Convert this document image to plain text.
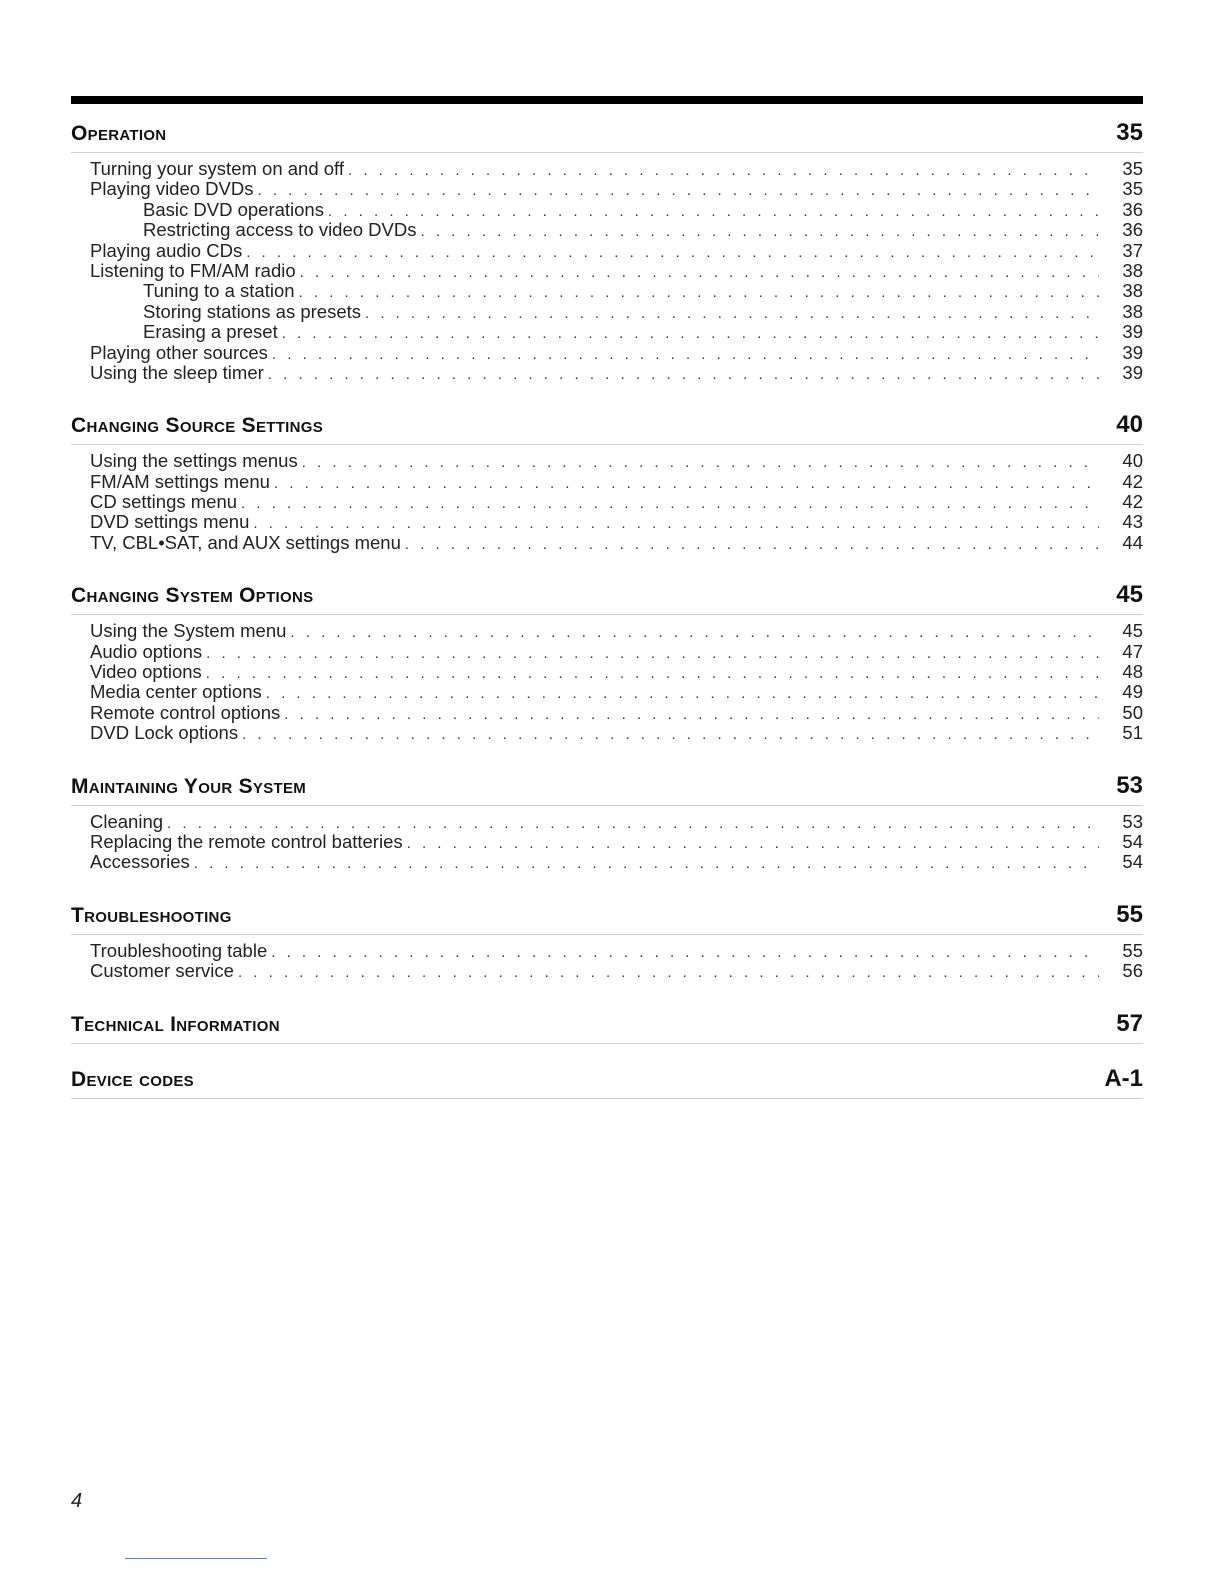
Operation	35
Turning your system on and off . . .	35
Playing video DVDs . . .	35
Basic DVD operations . . .	36
Restricting access to video DVDs . . .	36
Playing audio CDs . . .	37
Listening to FM/AM radio . . .	38
Tuning to a station . . .	38
Storing stations as presets . . .	38
Erasing a preset . . .	39
Playing other sources . . .	39
Using the sleep timer . . .	39
Changing Source Settings	40
Using the settings menus . . .	40
FM/AM settings menu . . .	42
CD settings menu . . .	42
DVD settings menu . . .	43
TV, CBL•SAT, and AUX settings menu . . .	44
Changing System Options	45
Using the System menu . . .	45
Audio options . . .	47
Video options . . .	48
Media center options . . .	49
Remote control options . . .	50
DVD Lock options . . .	51
Maintaining Your System	53
Cleaning . . .	53
Replacing the remote control batteries . . .	54
Accessories . . .	54
Troubleshooting	55
Troubleshooting table . . .	55
Customer service . . .	56
Technical Information	57
Device codes	A-1
4
